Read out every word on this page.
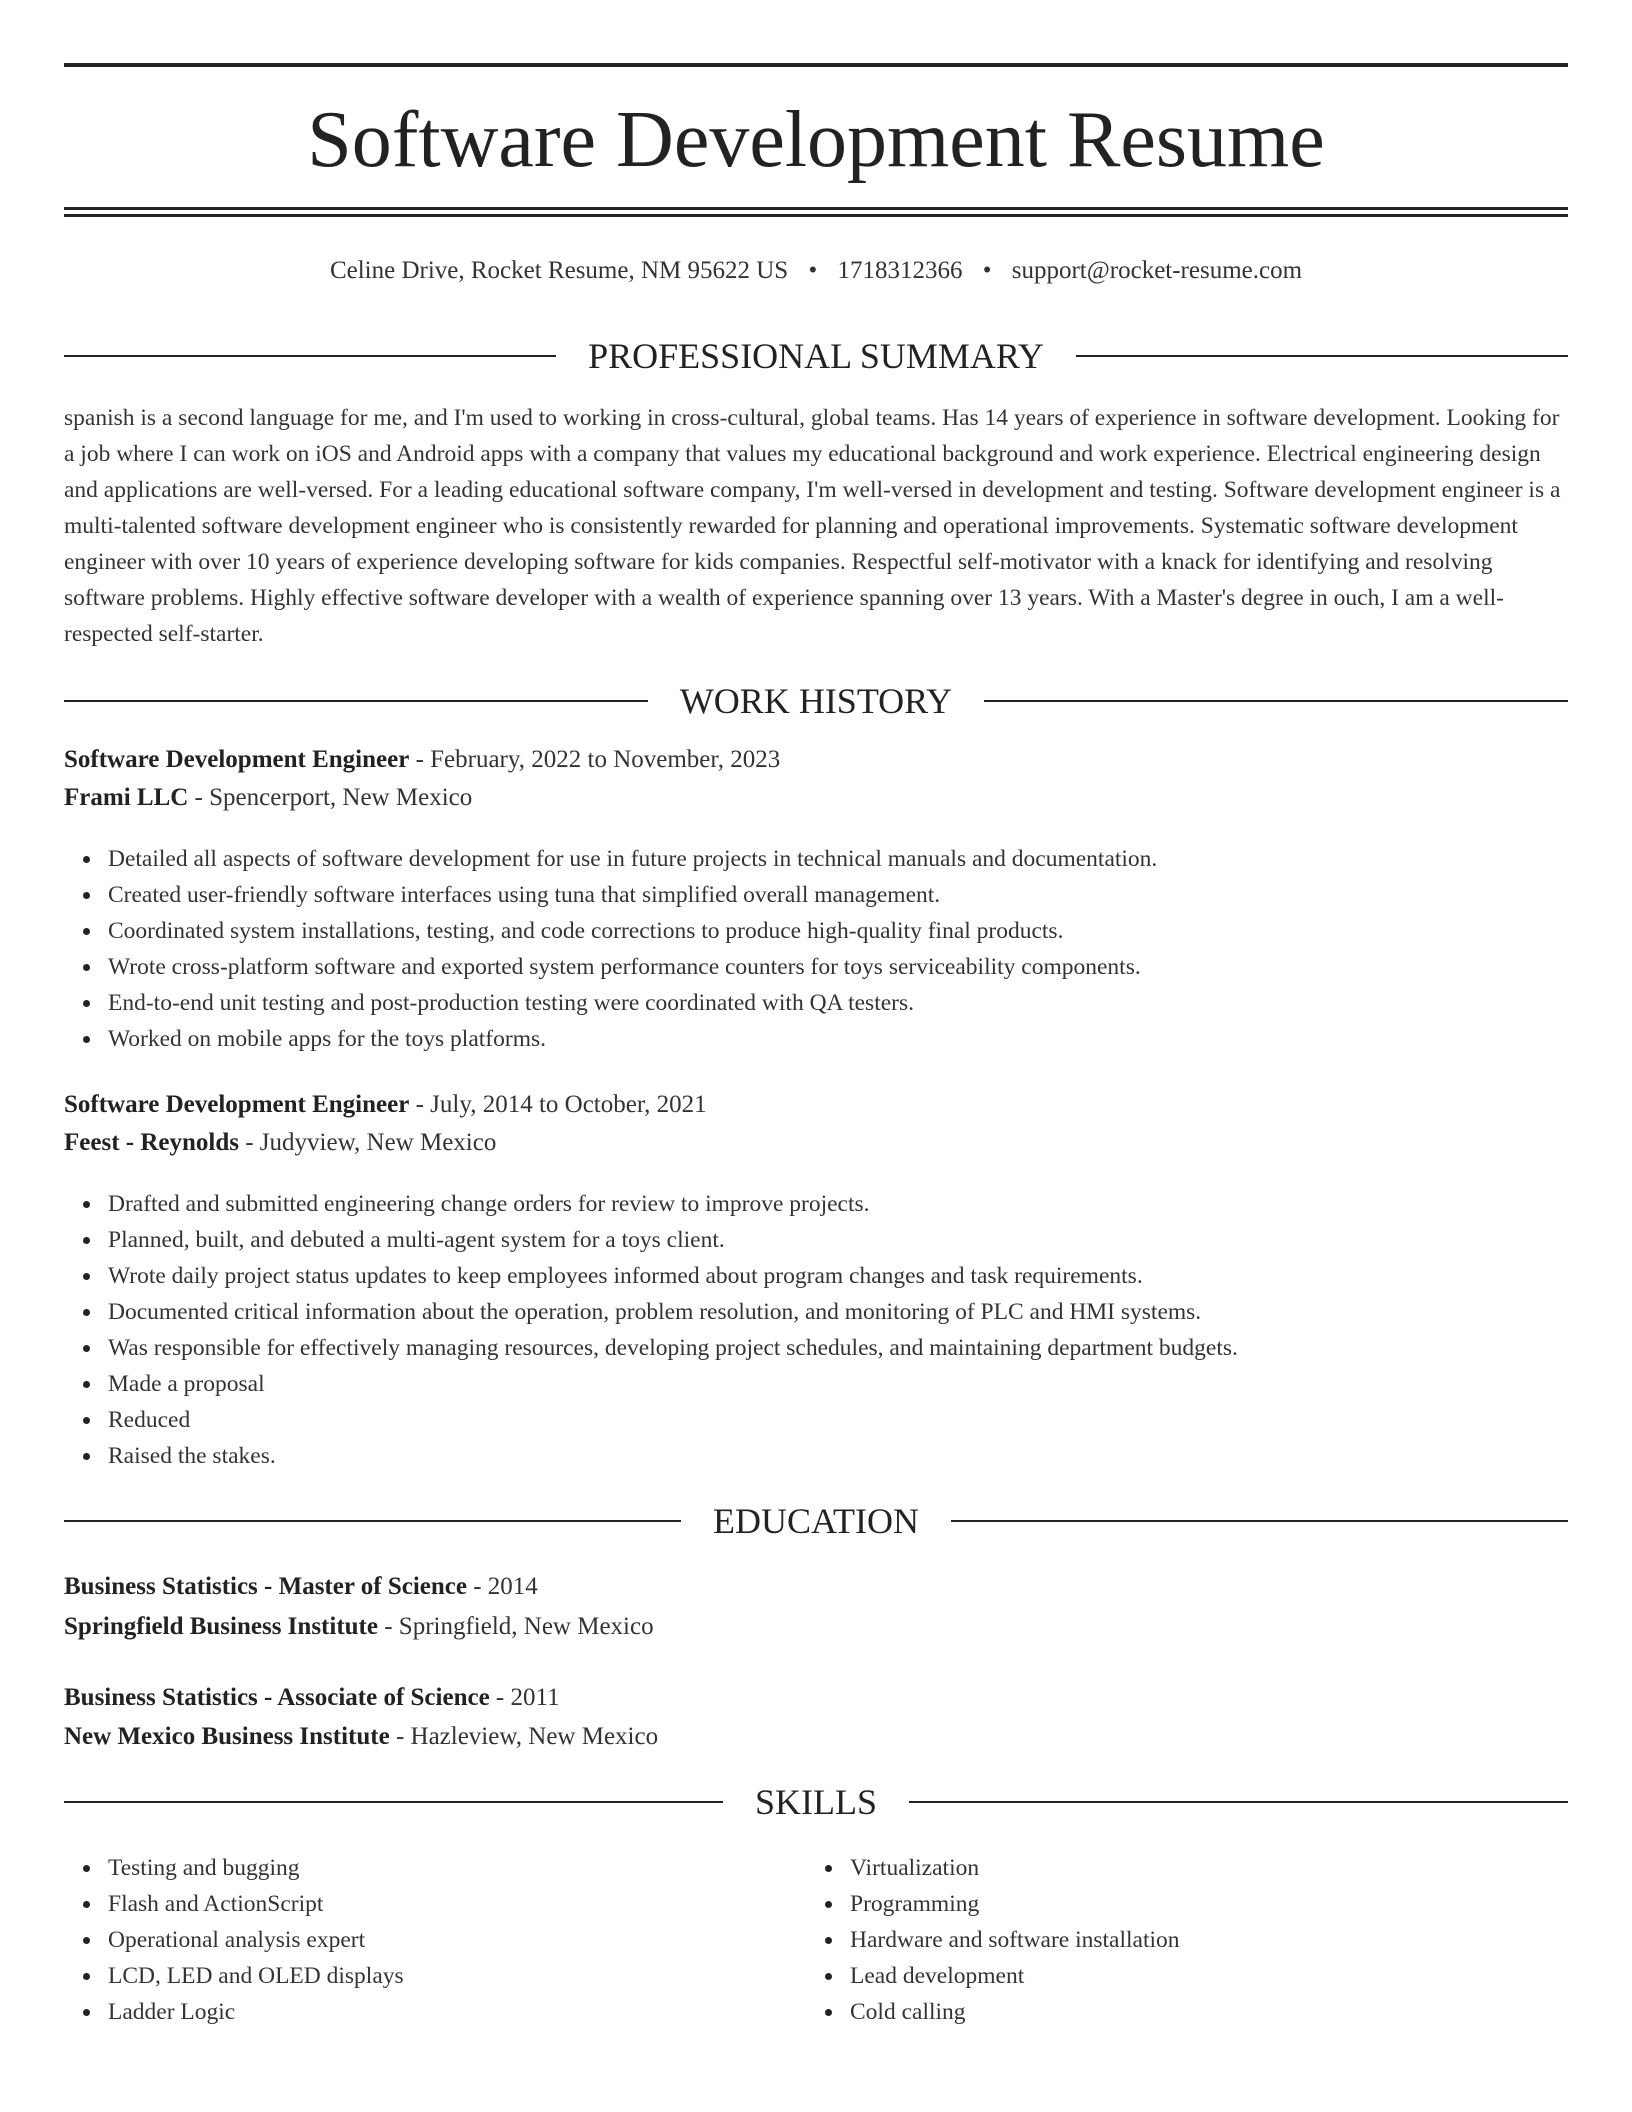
Software Development Resume
Celine Drive, Rocket Resume, NM 95622 US • 1718312366 • support@rocket-resume.com
PROFESSIONAL SUMMARY

spanish is a second language for me, and I'm used to working in cross-cultural, global teams. Has 14 years of experience in software development. Looking for a job where I can work on iOS and Android apps with a company that values my educational background and work experience. Electrical engineering design and applications are well-versed. For a leading educational software company, I'm well-versed in development and testing. Software development engineer is a multi-talented software development engineer who is consistently rewarded for planning and operational improvements. Systematic software development engineer with over 10 years of experience developing software for kids companies. Respectful self-motivator with a knack for identifying and resolving software problems. Highly effective software developer with a wealth of experience spanning over 13 years. With a Master's degree in ouch, I am a well-respected self-starter.

WORK HISTORY
Software Development Engineer - February, 2022 to November, 2023
Frami LLC - Spencerport, New Mexico
Detailed all aspects of software development for use in future projects in technical manuals and documentation.
Created user-friendly software interfaces using tuna that simplified overall management.
Coordinated system installations, testing, and code corrections to produce high-quality final products.
Wrote cross-platform software and exported system performance counters for toys serviceability components.
End-to-end unit testing and post-production testing were coordinated with QA testers.
Worked on mobile apps for the toys platforms.
Software Development Engineer - July, 2014 to October, 2021
Feest - Reynolds - Judyview, New Mexico
Drafted and submitted engineering change orders for review to improve projects.
Planned, built, and debuted a multi-agent system for a toys client.
Wrote daily project status updates to keep employees informed about program changes and task requirements.
Documented critical information about the operation, problem resolution, and monitoring of PLC and HMI systems.
Was responsible for effectively managing resources, developing project schedules, and maintaining department budgets.
Made a proposal
Reduced
Raised the stakes.
EDUCATION
Business Statistics - Master of Science - 2014
Springfield Business Institute - Springfield, New Mexico
Business Statistics - Associate of Science - 2011
New Mexico Business Institute - Hazleview, New Mexico
SKILLS
Testing and bugging
Flash and ActionScript
Operational analysis expert
LCD, LED and OLED displays
Ladder Logic
Virtualization
Programming
Hardware and software installation
Lead development
Cold calling
